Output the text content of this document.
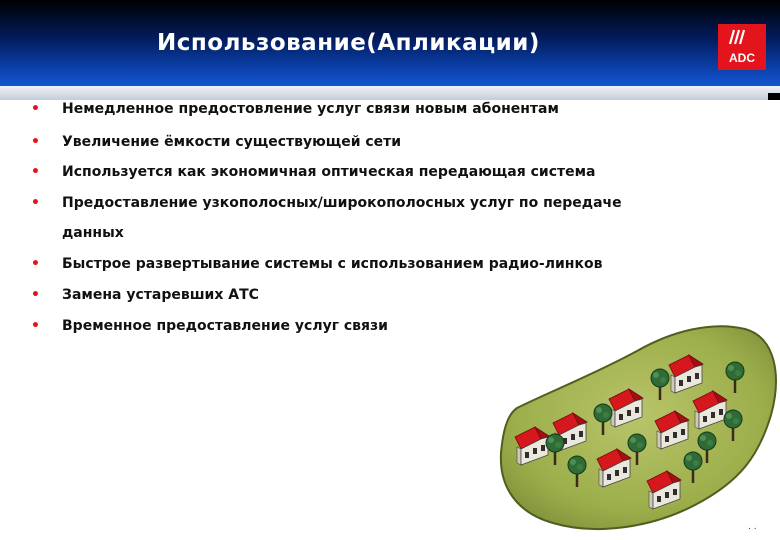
Использование(Апликации)
ADC
• Немедленное предостовление услуг связи новым абонентам
• Увеличение ёмкости существующей сети
• Используется как экономичная оптическая передающая система
• Предоставление узкополосных/широкополосных услуг по передаче
данных
• Быстрое развертывание системы с использованием радио-линков
• Замена устаревших АТС
• Временное предоставление услуг связи
. .
